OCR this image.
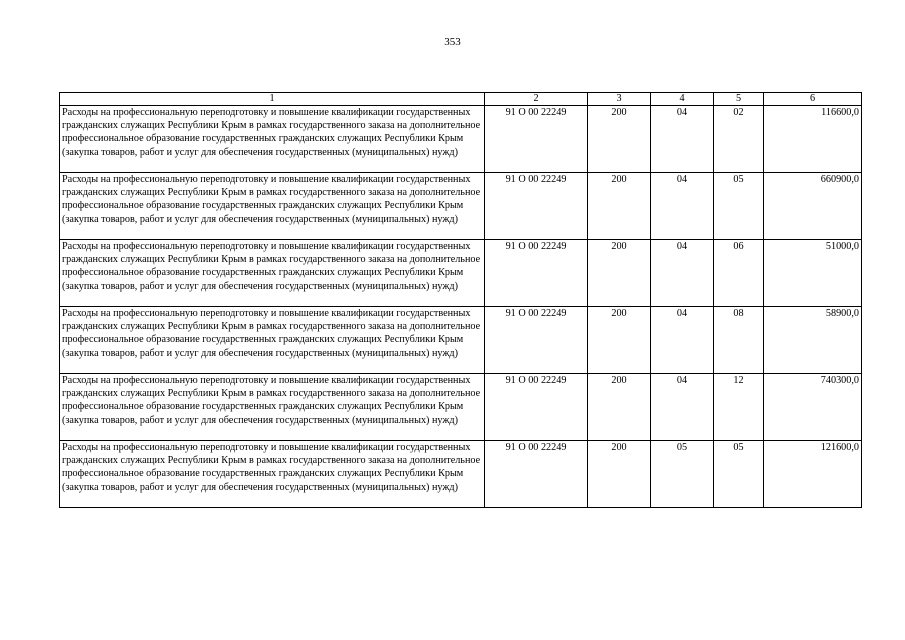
353
1	2	3	4	5	6
Расходы на профессиональную переподготовку и повышение квалификации государственных гражданских служащих Республики Крым в рамках государственного заказа на дополнительное профессиональное образование государственных гражданских служащих Республики Крым (закупка товаров, работ и услуг для обеспечения государственных (муниципальных) нужд)	91 О 00 22249	200	04	02	116600,0
Расходы на профессиональную переподготовку и повышение квалификации государственных гражданских служащих Республики Крым в рамках государственного заказа на дополнительное профессиональное образование государственных гражданских служащих Республики Крым (закупка товаров, работ и услуг для обеспечения государственных (муниципальных) нужд)	91 О 00 22249	200	04	05	660900,0
Расходы на профессиональную переподготовку и повышение квалификации государственных гражданских служащих Республики Крым в рамках государственного заказа на дополнительное профессиональное образование государственных гражданских служащих Республики Крым (закупка товаров, работ и услуг для обеспечения государственных (муниципальных) нужд)	91 О 00 22249	200	04	06	51000,0
Расходы на профессиональную переподготовку и повышение квалификации государственных гражданских служащих Республики Крым в рамках государственного заказа на дополнительное профессиональное образование государственных гражданских служащих Республики Крым (закупка товаров, работ и услуг для обеспечения государственных (муниципальных) нужд)	91 О 00 22249	200	04	08	58900,0
Расходы на профессиональную переподготовку и повышение квалификации государственных гражданских служащих Республики Крым в рамках государственного заказа на дополнительное профессиональное образование государственных гражданских служащих Республики Крым (закупка товаров, работ и услуг для обеспечения государственных (муниципальных) нужд)	91 О 00 22249	200	04	12	740300,0
Расходы на профессиональную переподготовку и повышение квалификации государственных гражданских служащих Республики Крым в рамках государственного заказа на дополнительное профессиональное образование государственных гражданских служащих Республики Крым (закупка товаров, работ и услуг для обеспечения государственных (муниципальных) нужд)	91 О 00 22249	200	05	05	121600,0
